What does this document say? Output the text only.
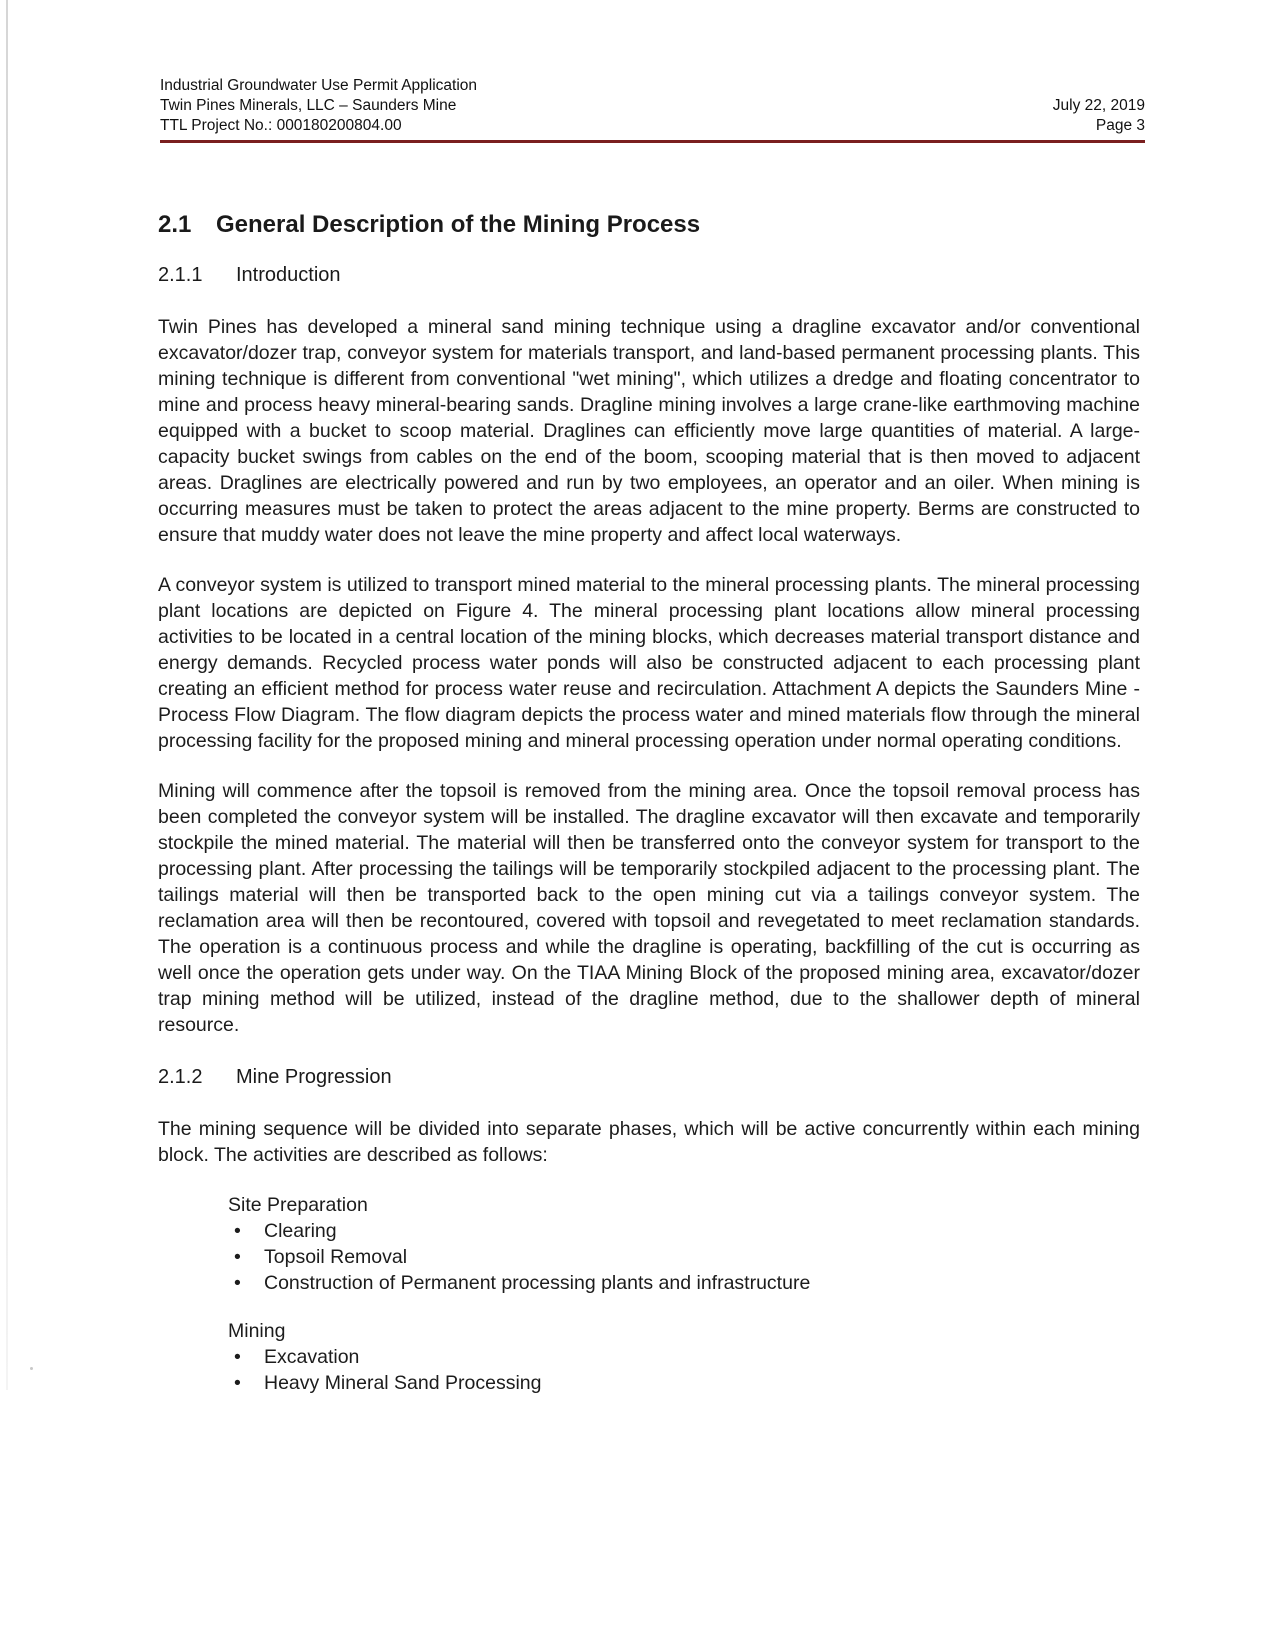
Industrial Groundwater Use Permit Application
Twin Pines Minerals, LLC – Saunders Mine
TTL Project No.: 000180200804.00
July 22, 2019
Page 3
2.1 General Description of the Mining Process
2.1.1 Introduction

Twin Pines has developed a mineral sand mining technique using a dragline excavator and/or conventional excavator/dozer trap, conveyor system for materials transport, and land-based permanent processing plants. This mining technique is different from conventional "wet mining", which utilizes a dredge and floating concentrator to mine and process heavy mineral-bearing sands. Dragline mining involves a large crane-like earthmoving machine equipped with a bucket to scoop material. Draglines can efficiently move large quantities of material. A large-capacity bucket swings from cables on the end of the boom, scooping material that is then moved to adjacent areas. Draglines are electrically powered and run by two employees, an operator and an oiler. When mining is occurring measures must be taken to protect the areas adjacent to the mine property. Berms are constructed to ensure that muddy water does not leave the mine property and affect local waterways.

A conveyor system is utilized to transport mined material to the mineral processing plants. The mineral processing plant locations are depicted on Figure 4. The mineral processing plant locations allow mineral processing activities to be located in a central location of the mining blocks, which decreases material transport distance and energy demands. Recycled process water ponds will also be constructed adjacent to each processing plant creating an efficient method for process water reuse and recirculation. Attachment A depicts the Saunders Mine - Process Flow Diagram. The flow diagram depicts the process water and mined materials flow through the mineral processing facility for the proposed mining and mineral processing operation under normal operating conditions.

Mining will commence after the topsoil is removed from the mining area. Once the topsoil removal process has been completed the conveyor system will be installed. The dragline excavator will then excavate and temporarily stockpile the mined material. The material will then be transferred onto the conveyor system for transport to the processing plant. After processing the tailings will be temporarily stockpiled adjacent to the processing plant. The tailings material will then be transported back to the open mining cut via a tailings conveyor system. The reclamation area will then be recontoured, covered with topsoil and revegetated to meet reclamation standards. The operation is a continuous process and while the dragline is operating, backfilling of the cut is occurring as well once the operation gets under way. On the TIAA Mining Block of the proposed mining area, excavator/dozer trap mining method will be utilized, instead of the dragline method, due to the shallower depth of mineral resource.

2.1.2 Mine Progression

The mining sequence will be divided into separate phases, which will be active concurrently within each mining block. The activities are described as follows:

Site Preparation
• Clearing
• Topsoil Removal
• Construction of Permanent processing plants and infrastructure
Mining
• Excavation
• Heavy Mineral Sand Processing
